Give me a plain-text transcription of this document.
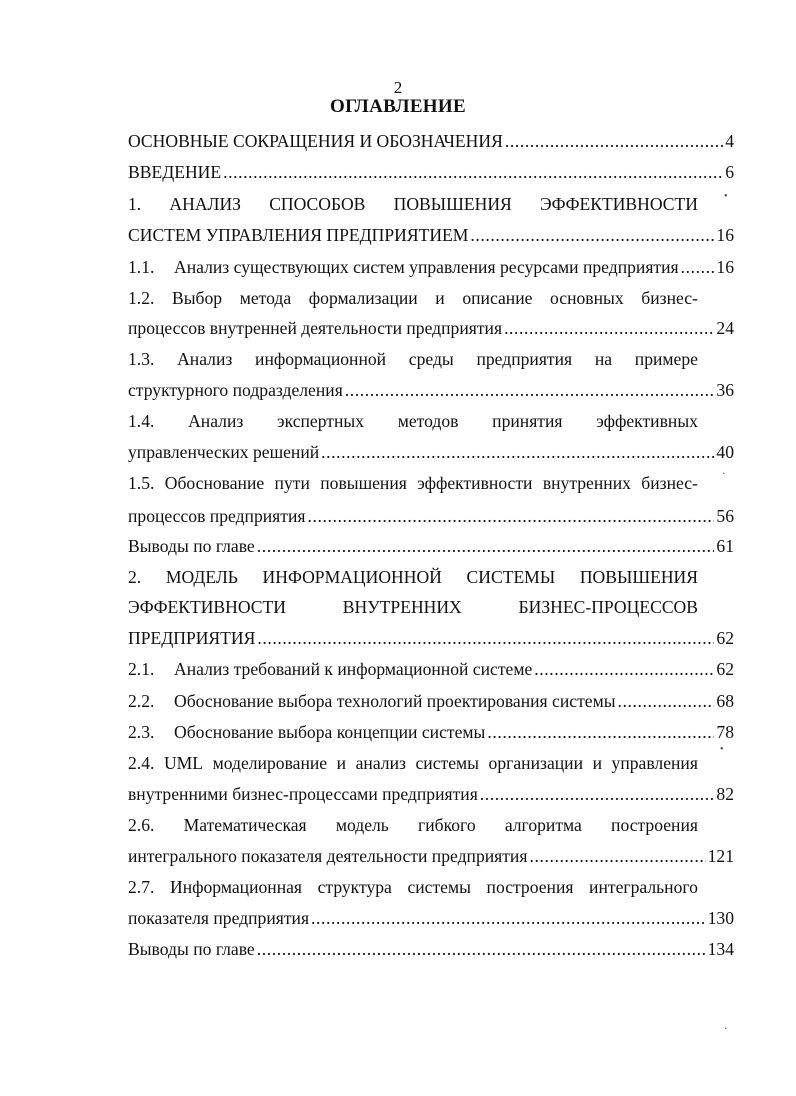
2
ОГЛАВЛЕНИЕ
ОСНОВНЫЕ СОКРАЩЕНИЯ И ОБОЗНАЧЕНИЯ .....	4
ВВЕДЕНИЕ .....	6
1. АНАЛИЗ СПОСОБОВ ПОВЫШЕНИЯ ЭФФЕКТИВНОСТИ
СИСТЕМ УПРАВЛЕНИЯ ПРЕДПРИЯТИЕМ .....	16
1.1. Анализ существующих систем управления ресурсами предприятия ..... 16
1.2. Выбор метода формализации и описание основных бизнес-
процессов внутренней деятельности предприятия .....	24
1.3. Анализ информационной среды предприятия на примере
структурного подразделения .....	36
1.4. Анализ экспертных методов принятия эффективных
управленческих решений .....	40
1.5. Обоснование пути повышения эффективности внутренних бизнес-
процессов предприятия .....	56
Выводы по главе .....	61
2. МОДЕЛЬ ИНФОРМАЦИОННОЙ СИСТЕМЫ ПОВЫШЕНИЯ
ЭФФЕКТИВНОСТИ	ВНУТРЕННИХ	БИЗНЕС-ПРОЦЕССОВ
ПРЕДПРИЯТИЯ .....	62
2.1. Анализ требований к информационной системе .....	62
2.2. Обоснование выбора технологий проектирования системы .....	68
2.3. Обоснование выбора концепции системы .....	78
2.4. UML моделирование и анализ системы организации и управления
внутренними бизнес-процессами предприятия .....	82
2.6. Математическая модель гибкого алгоритма построения
интегрального показателя деятельности предприятия .....	121
2.7. Информационная структура системы построения интегрального
показателя предприятия .....	130
Выводы по главе .....	134
•
·
•
·
